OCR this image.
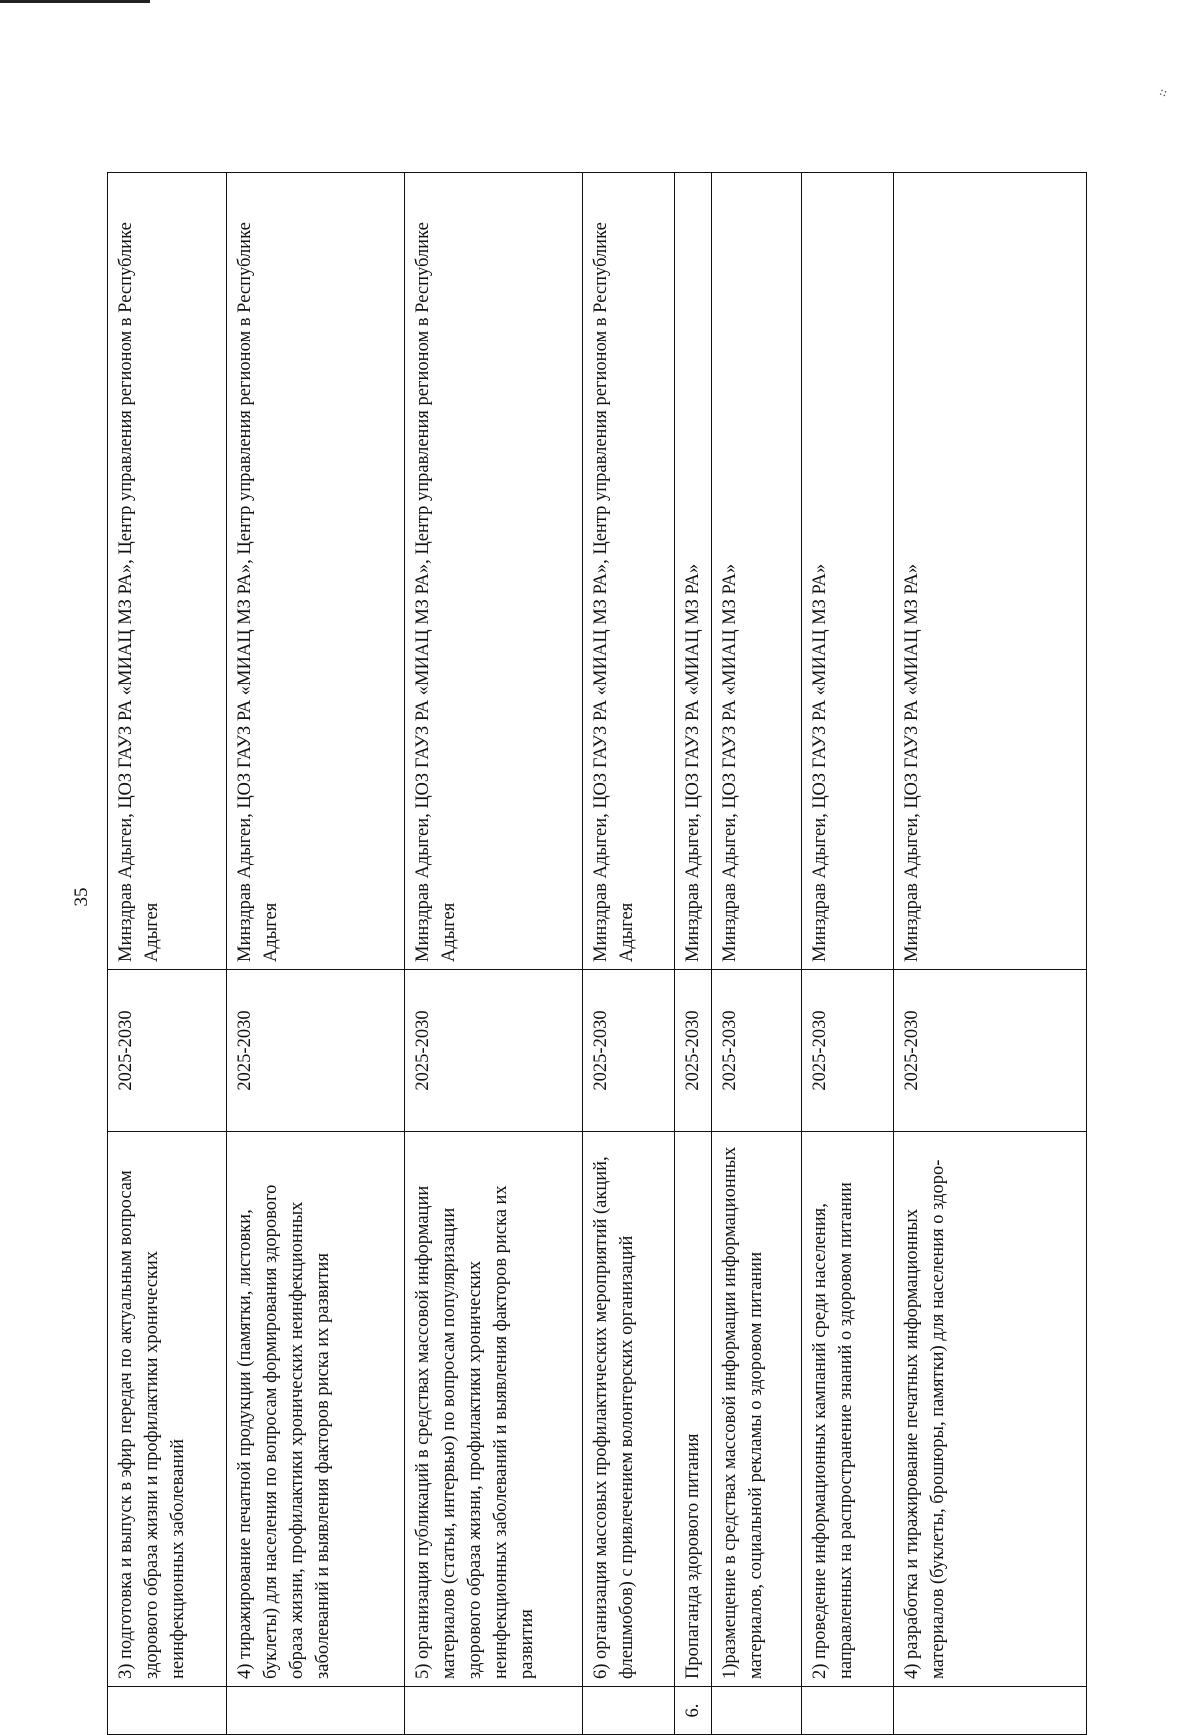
⁘
35
	3) подготовка и выпуск в эфир передач по актуальным вопросам здорового образа жизни и профилактики хронических неинфекционных заболеваний	2025-2030	Минздрав Адыгеи, ЦОЗ ГАУЗ РА «МИАЦ МЗ РА», Центр управления регионом в Республике Адыгея
	4) тиражирование печатной продукции (памятки, листовки, буклеты) для населения по вопросам формирования здорового образа жизни, профилактики хронических неинфекционных заболеваний и выявления факторов риска их развития	2025-2030	Минздрав Адыгеи, ЦОЗ ГАУЗ РА «МИАЦ МЗ РА», Центр управления регионом в Республике Адыгея
	5) организация публикаций в средствах массовой информации материалов (статьи, интервью) по вопросам популяризации здорового образа жизни, профилактики хронических неинфекционных заболеваний и выявления факторов риска их развития	2025-2030	Минздрав Адыгеи, ЦОЗ ГАУЗ РА «МИАЦ МЗ РА», Центр управления регионом в Республике Адыгея
	6) организация массовых профилактических мероприятий (акций, флешмобов) с привлечением волонтерских организаций	2025-2030	Минздрав Адыгеи, ЦОЗ ГАУЗ РА «МИАЦ МЗ РА», Центр управления регионом в Республике Адыгея
6.	Пропаганда здорового питания	2025-2030	Минздрав Адыгеи, ЦОЗ ГАУЗ РА «МИАЦ МЗ РА»
	1)размещение в средствах массовой информации информационных материалов, социальной рекламы о здоровом питании	2025-2030	Минздрав Адыгеи, ЦОЗ ГАУЗ РА «МИАЦ МЗ РА»
	2) проведение информационных кампаний среди населения, направленных на распространение знаний о здоровом питании	2025-2030	Минздрав Адыгеи, ЦОЗ ГАУЗ РА «МИАЦ МЗ РА»
	4) разработка и тиражирование печатных информационных материалов (буклеты, брошюры, памятки) для населения о здоро-	2025-2030	Минздрав Адыгеи, ЦОЗ ГАУЗ РА «МИАЦ МЗ РА»
